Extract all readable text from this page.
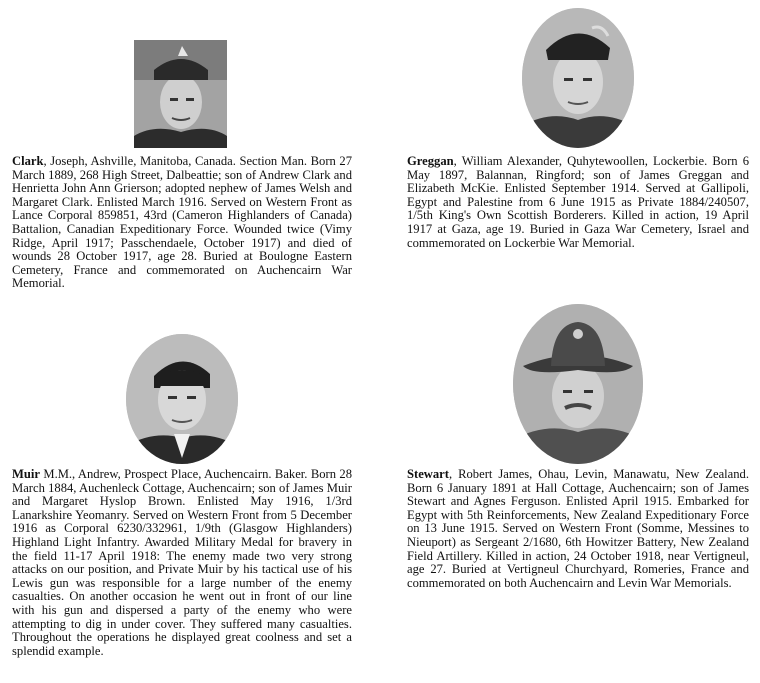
Clark, Joseph, Ashville, Manitoba, Canada. Section Man. Born 27 March 1889, 268 High Street, Dalbeattie; son of Andrew Clark and Henrietta John Ann Grierson; adopted nephew of James Welsh and Margaret Clark. Enlisted March 1916. Served on Western Front as Lance Corporal 859851, 43rd (Cameron Highlanders of Canada) Battalion, Canadian Expeditionary Force. Wounded twice (Vimy Ridge, April 1917; Passchendaele, October 1917) and died of wounds 28 October 1917, age 28. Buried at Boulogne Eastern Cemetery, France and commemorated on Auchencairn War Memorial.

Greggan, William Alexander, Quhytewoollen, Lockerbie. Born 6 May 1897, Balannan, Ringford; son of James Greggan and Elizabeth McKie. Enlisted September 1914. Served at Gallipoli, Egypt and Palestine from 6 June 1915 as Private 1884/240507, 1/5th King's Own Scottish Borderers. Killed in action, 19 April 1917 at Gaza, age 19. Buried in Gaza War Cemetery, Israel and commemorated on Lockerbie War Memorial.

Muir M.M., Andrew, Prospect Place, Auchencairn. Baker. Born 28 March 1884, Auchenleck Cottage, Auchencairn; son of James Muir and Margaret Hyslop Brown. Enlisted May 1916, 1/3rd Lanarkshire Yeomanry. Served on Western Front from 5 December 1916 as Corporal 6230/332961, 1/9th (Glasgow Highlanders) Highland Light Infantry. Awarded Military Medal for bravery in the field 11-17 April 1918: The enemy made two very strong attacks on our position, and Private Muir by his tactical use of his Lewis gun was responsible for a large number of the enemy casualties. On another occasion he went out in front of our line with his gun and dispersed a party of the enemy who were attempting to dig in under cover. They suffered many casualties. Throughout the operations he displayed great coolness and set a splendid example.

Stewart, Robert James, Ohau, Levin, Manawatu, New Zealand. Born 6 January 1891 at Hall Cottage, Auchencairn; son of James Stewart and Agnes Ferguson. Enlisted April 1915. Embarked for Egypt with 5th Reinforcements, New Zealand Expeditionary Force on 13 June 1915. Served on Western Front (Somme, Messines to Nieuport) as Sergeant 2/1680, 6th Howitzer Battery, New Zealand Field Artillery. Killed in action, 24 October 1918, near Vertigneul, age 27. Buried at Vertigneul Churchyard, Romeries, France and commemorated on both Auchencairn and Levin War Memorials.
